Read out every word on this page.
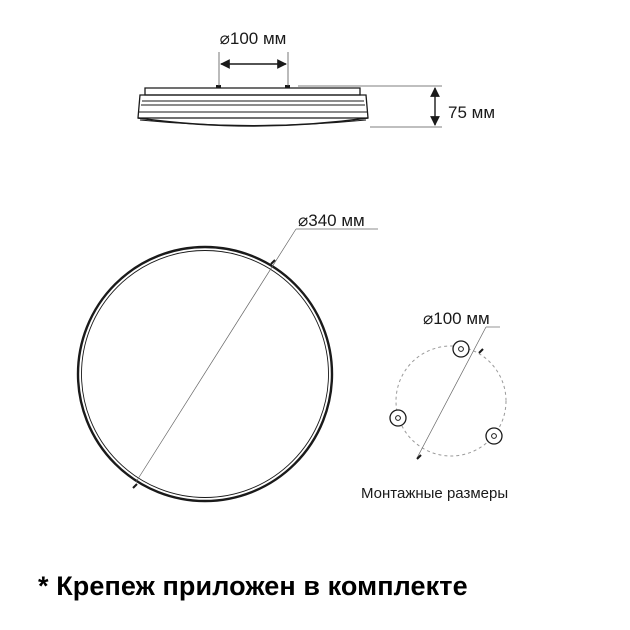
⌀100 мм
75 мм
⌀340 мм
⌀100 мм
Монтажные размеры
* Крепеж приложен в комплекте
